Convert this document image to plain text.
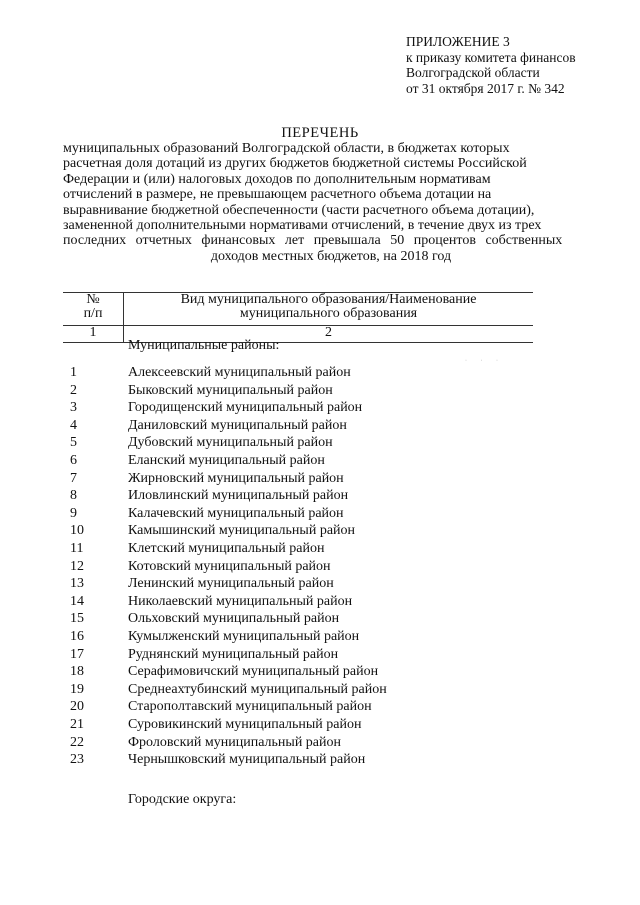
ПРИЛОЖЕНИЕ 3
к приказу комитета финансов
Волгоградской области
от 31 октября 2017 г. № 342
ПЕРЕЧЕНЬ
муниципальных образований Волгоградской области, в бюджетах которых
расчетная доля дотаций из других бюджетов бюджетной системы Российской
Федерации и (или) налоговых доходов по дополнительным нормативам
отчислений в размере, не превышающем расчетного объема дотации на
выравнивание бюджетной обеспеченности (части расчетного объема дотации),
замененной дополнительными нормативами отчислений, в течение двух из трех
последних отчетных финансовых лет превышала 50 процентов собственных
доходов местных бюджетов, на 2018 год
№
п/п
Вид муниципального образования/Наименование
муниципального образования
1	2
Муниципальные районы:
· · ·
1	Алексеевский муниципальный район
2	Быковский муниципальный район
3	Городищенский муниципальный район
4	Даниловский муниципальный район
5	Дубовский муниципальный район
6	Еланский муниципальный район
7	Жирновский муниципальный район
8	Иловлинский муниципальный район
9	Калачевский муниципальный район
10	Камышинский муниципальный район
11	Клетский муниципальный район
12	Котовский муниципальный район
13	Ленинский муниципальный район
14	Николаевский муниципальный район
15	Ольховский муниципальный район
16	Кумылженский муниципальный район
17	Руднянский муниципальный район
18	Серафимовичский муниципальный район
19	Среднеахтубинский муниципальный район
20	Старополтавский муниципальный район
21	Суровикинский муниципальный район
22	Фроловский муниципальный район
23	Чернышковский муниципальный район
Городские округа:
